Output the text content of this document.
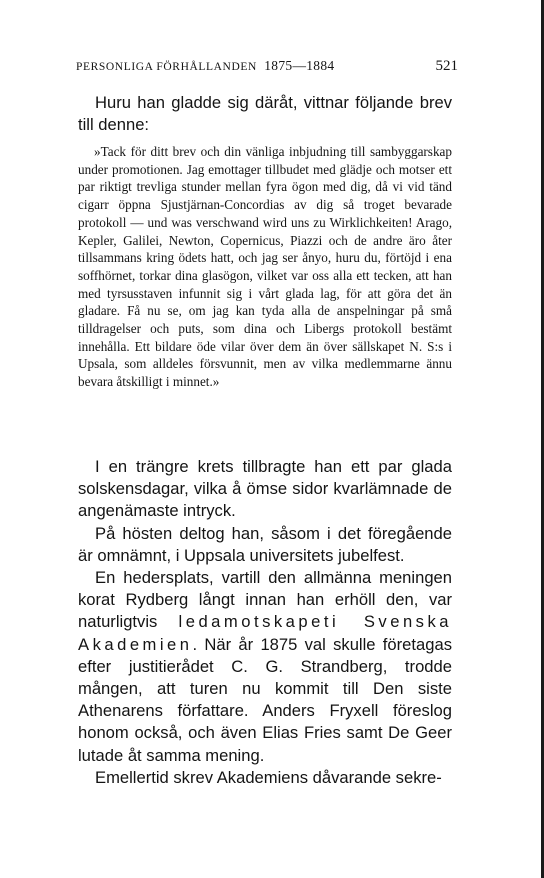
PERSONLIGA FÖRHÅLLANDEN 1875—1884	521

Huru han gladde sig däråt, vittnar följande brev till denne:

»Tack för ditt brev och din vänliga inbjudning till sambyggarskap under promotionen. Jag emottager tillbudet med glädje och motser ett par riktigt trevliga stunder mellan fyra ögon med dig, då vi vid tänd cigarr öppna Sjustjärnan-Concordias av dig så troget bevarade protokoll — und was verschwand wird uns zu Wirklichkeiten! Arago, Kepler, Galilei, Newton, Copernicus, Piazzi och de andre äro åter tillsammans kring ödets hatt, och jag ser ånyo, huru du, förtöjd i ena soffhörnet, torkar dina glasögon, vilket var oss alla ett tecken, att han med tyrsusstaven infunnit sig i vårt glada lag, för att göra det än gladare. Få nu se, om jag kan tyda alla de anspelningar på små tilldragelser och puts, som dina och Libergs protokoll bestämt innehålla. Ett bildare öde vilar över dem än över sällskapet N. S:s i Upsala, som alldeles försvunnit, men av vilka medlemmarne ännu bevara åtskilligt i minnet.»

I en trängre krets tillbragte han ett par glada solskensdagar, vilka å ömse sidor kvarlämnade de angenämaste intryck.

På hösten deltog han, såsom i det föregående är omnämnt, i Uppsala universitets jubelfest.

En hedersplats, vartill den allmänna meningen korat Rydberg långt innan han erhöll den, var naturligtvis ledamotskapeti Svenska Akademien. När år 1875 val skulle företagas efter justitierådet C. G. Strandberg, trodde mången, att turen nu kommit till Den siste Athenarens författare. Anders Fryxell föreslog honom också, och även Elias Fries samt De Geer lutade åt samma mening.

Emellertid skrev Akademiens dåvarande sekre-
